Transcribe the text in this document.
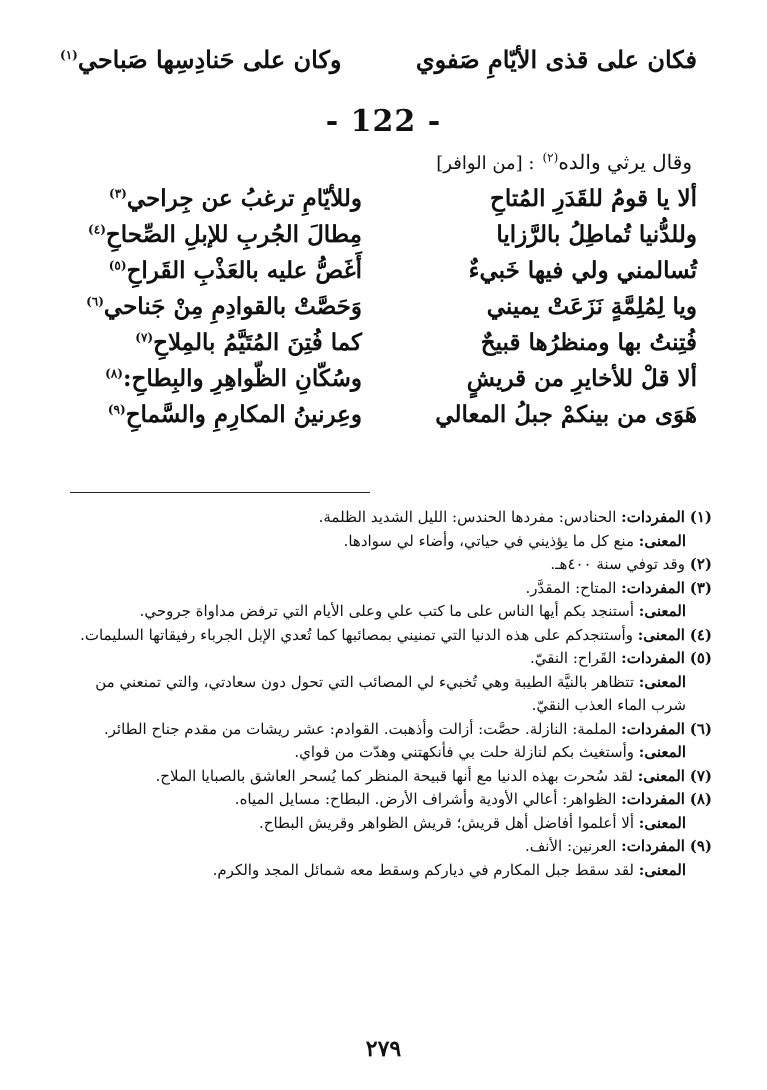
فكان على قذى الأيّامِ صَفوي
وكان على حَنادِسِها صَباحي$^{(١)}$
- 122 -
وقال يرثي والده$^{(٢)}$: [من الوافر]
ألا يا قومُ للقَدَرِ المُتاحِ
وللأيّامِ ترغبُ عن جِراحي$^{(٣)}$
وللدُّنيا تُماطِلُ بالرَّزايا
مِطالَ الجُربِ للإبلِ الصِّحاحِ$^{(٤)}$
تُسالمني ولي فيها خَبيءٌ
أَغَصُّ عليه بالعَذْبِ القَراحِ$^{(٥)}$
ويا لِمُلِمَّةٍ نَزَعَتْ يميني
وَحَصَّتْ بالقوادِمِ مِنْ جَناحي$^{(٦)}$
فُتِنتُ بها ومنظرُها قبيحٌ
كما فُتِنَ المُتَيَّمُ بالمِلاحِ$^{(٧)}$
ألا قلْ للأخايرِ من قريشٍ
وسُكّانِ الظّواهِرِ والبِطاحِ:$^{(٨)}$
هَوَى من بينكمْ جبلُ المعالي
وعِرنينُ المكارِمِ والسَّماحِ$^{(٩)}$

(١) المفردات: الحنادس: مفردها الحندس: الليل الشديد الظلمة.

المعنى: منع كل ما يؤذيني في حياتي، وأضاء لي سوادها.

(٢) وقد توفي سنة ٤٠٠هـ.

(٣) المفردات: المتاح: المقدَّر.

المعنى: أستنجد بكم أيها الناس على ما كتب علي وعلى الأيام التي ترفض مداواة جروحي.

(٤) المعنى: وأستنجدكم على هذه الدنيا التي تمنيني بمصائبها كما تُعدي الإبل الجرباء رفيقاتها السليمات.

(٥) المفردات: القَراح: النقيّ.

المعنى: تتظاهر بالنيَّة الطيبة وهي تُخبيء لي المصائب التي تحول دون سعادتي، والتي تمنعني من شرب الماء العذب النقيّ.

(٦) المفردات: الملمة: النازلة. حصَّت: أزالت وأذهبت. القوادم: عشر ريشات من مقدم جناح الطائر.

المعنى: وأستغيث بكم لنازلة حلت بي فأنكهتني وهدّت من قواي.

(٧) المعنى: لقد سُحرت بهذه الدنيا مع أنها قبيحة المنظر كما يُسحر العاشق بالصبايا الملاح.

(٨) المفردات: الظواهر: أعالي الأودية وأشراف الأرض. البطاح: مسايل المياه.

المعنى: ألا أعلموا أفاضل أهل قريش؛ قريش الظواهر وقريش البطاح.

(٩) المفردات: العرنين: الأنف.

المعنى: لقد سقط جبل المكارم في دياركم وسقط معه شمائل المجد والكرم.

٢٧٩
